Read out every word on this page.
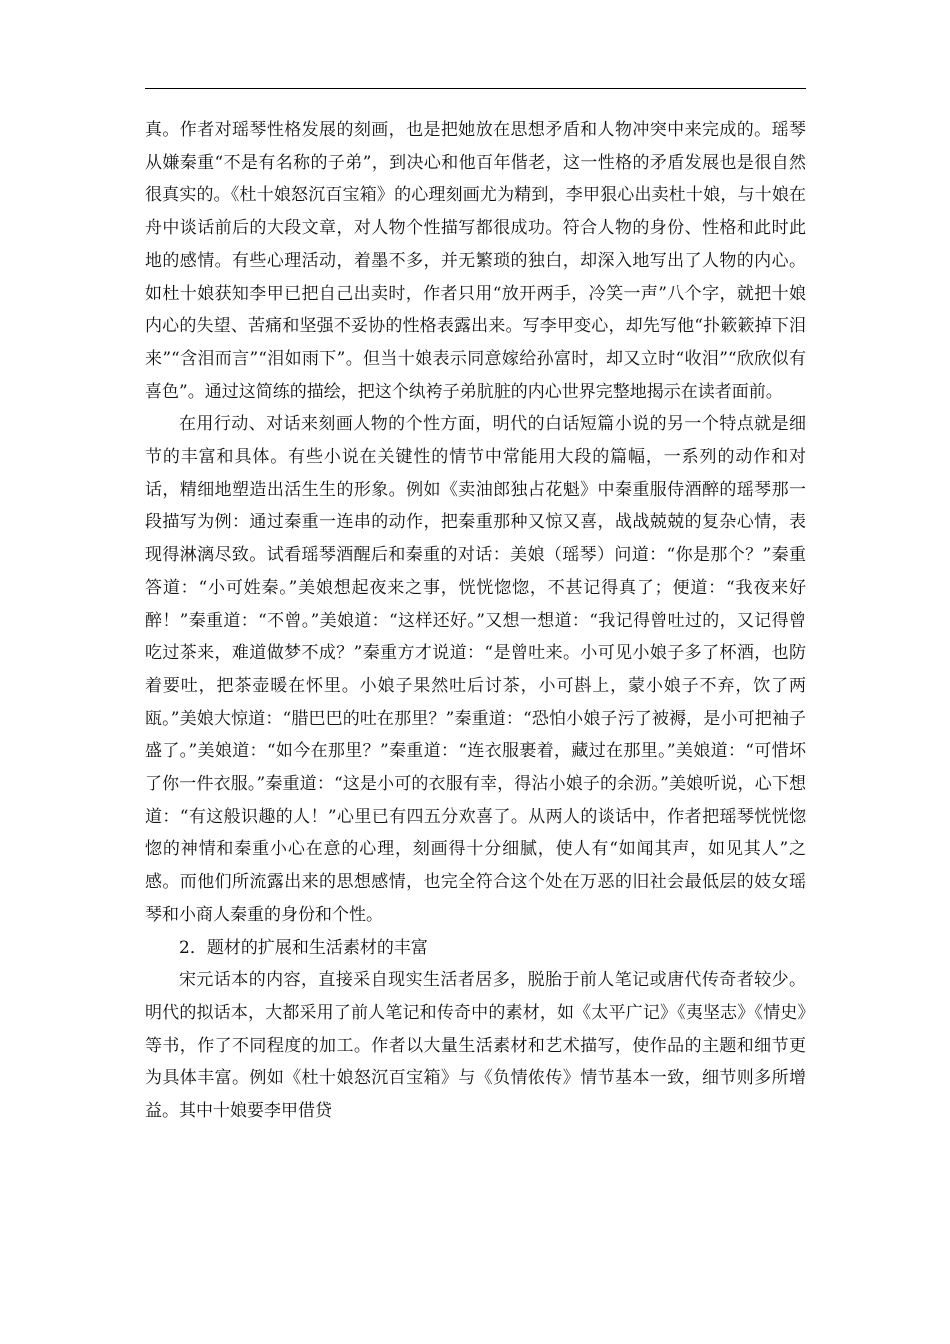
真。作者对瑶琴性格发展的刻画，也是把她放在思想矛盾和人物冲突中来完成的。瑶琴从嫌秦重“不是有名称的子弟”，到决心和他百年偕老，这一性格的矛盾发展也是很自然很真实的。《杜十娘怒沉百宝箱》的心理刻画尤为精到，李甲狠心出卖杜十娘，与十娘在舟中谈话前后的大段文章，对人物个性描写都很成功。符合人物的身份、性格和此时此地的感情。有些心理活动，着墨不多，并无繁琐的独白，却深入地写出了人物的内心。如杜十娘获知李甲已把自己出卖时，作者只用“放开两手，冷笑一声”八个字，就把十娘内心的失望、苦痛和坚强不妥协的性格表露出来。写李甲变心，却先写他“扑簌簌掉下泪来”“含泪而言”“泪如雨下”。但当十娘表示同意嫁给孙富时，却又立时“收泪”“欣欣似有喜色”。通过这简练的描绘，把这个纨袴子弟肮脏的内心世界完整地揭示在读者面前。

在用行动、对话来刻画人物的个性方面，明代的白话短篇小说的另一个特点就是细节的丰富和具体。有些小说在关键性的情节中常能用大段的篇幅，一系列的动作和对话，精细地塑造出活生生的形象。例如《卖油郎独占花魁》中秦重服侍酒醉的瑶琴那一段描写为例：通过秦重一连串的动作，把秦重那种又惊又喜，战战兢兢的复杂心情，表现得淋漓尽致。试看瑶琴酒醒后和秦重的对话：美娘（瑶琴）问道：“你是那个？”秦重答道：“小可姓秦。”美娘想起夜来之事，恍恍惚惚，不甚记得真了；便道：“我夜来好醉！”秦重道：“不曾。”美娘道：“这样还好。”又想一想道：“我记得曾吐过的，又记得曾吃过茶来，难道做梦不成？”秦重方才说道：“是曾吐来。小可见小娘子多了杯酒，也防着要吐，把茶壶暖在怀里。小娘子果然吐后讨茶，小可斟上，蒙小娘子不弃，饮了两瓯。”美娘大惊道：“腊巴巴的吐在那里？”秦重道：“恐怕小娘子污了被褥，是小可把袖子盛了。”美娘道：“如今在那里？”秦重道：“连衣服裹着，藏过在那里。”美娘道：“可惜坏了你一件衣服。”秦重道：“这是小可的衣服有幸，得沾小娘子的余沥。”美娘听说，心下想道：“有这般识趣的人！”心里已有四五分欢喜了。从两人的谈话中，作者把瑶琴恍恍惚惚的神情和秦重小心在意的心理，刻画得十分细腻，使人有“如闻其声，如见其人”之感。而他们所流露出来的思想感情，也完全符合这个处在万恶的旧社会最低层的妓女瑶琴和小商人秦重的身份和个性。

2．题材的扩展和生活素材的丰富

宋元话本的内容，直接采自现实生活者居多，脱胎于前人笔记或唐代传奇者较少。明代的拟话本，大都采用了前人笔记和传奇中的素材，如《太平广记》《夷坚志》《情史》等书，作了不同程度的加工。作者以大量生活素材和艺术描写，使作品的主题和细节更为具体丰富。例如《杜十娘怒沉百宝箱》与《负情侬传》情节基本一致，细节则多所增益。其中十娘要李甲借贷
